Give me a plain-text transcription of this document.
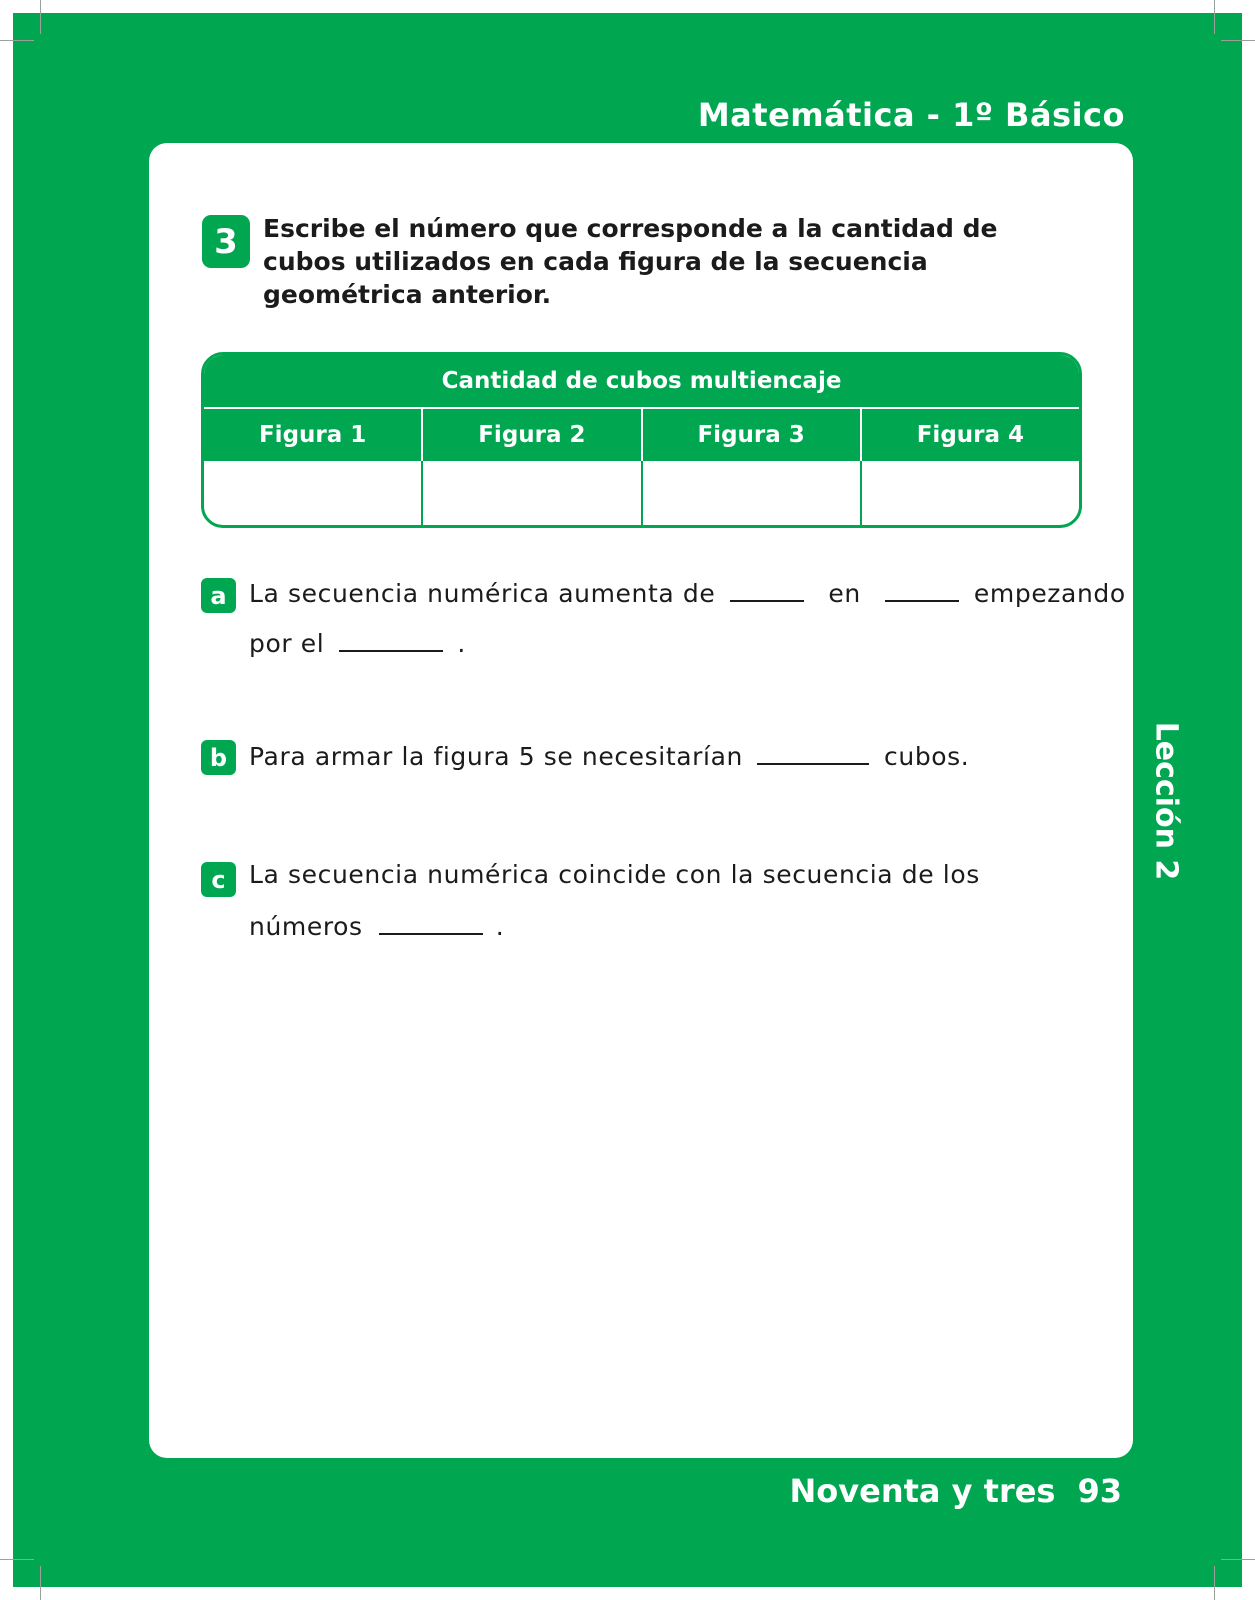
Matemática - 1º Básico
Lección 2
Noventa y tres 93
3	Escribe el número que corresponde a la cantidad de cubos utilizados en cada figura de la secuencia geométrica anterior.
Cantidad de cubos multiencaje
Figura 1	Figura 2	Figura 3	Figura 4
a La secuencia numérica aumenta de	en	empezando
por el	.
b Para armar la figura 5 se necesitarían	cubos.
c La secuencia numérica coincide con la secuencia de los
números	.
